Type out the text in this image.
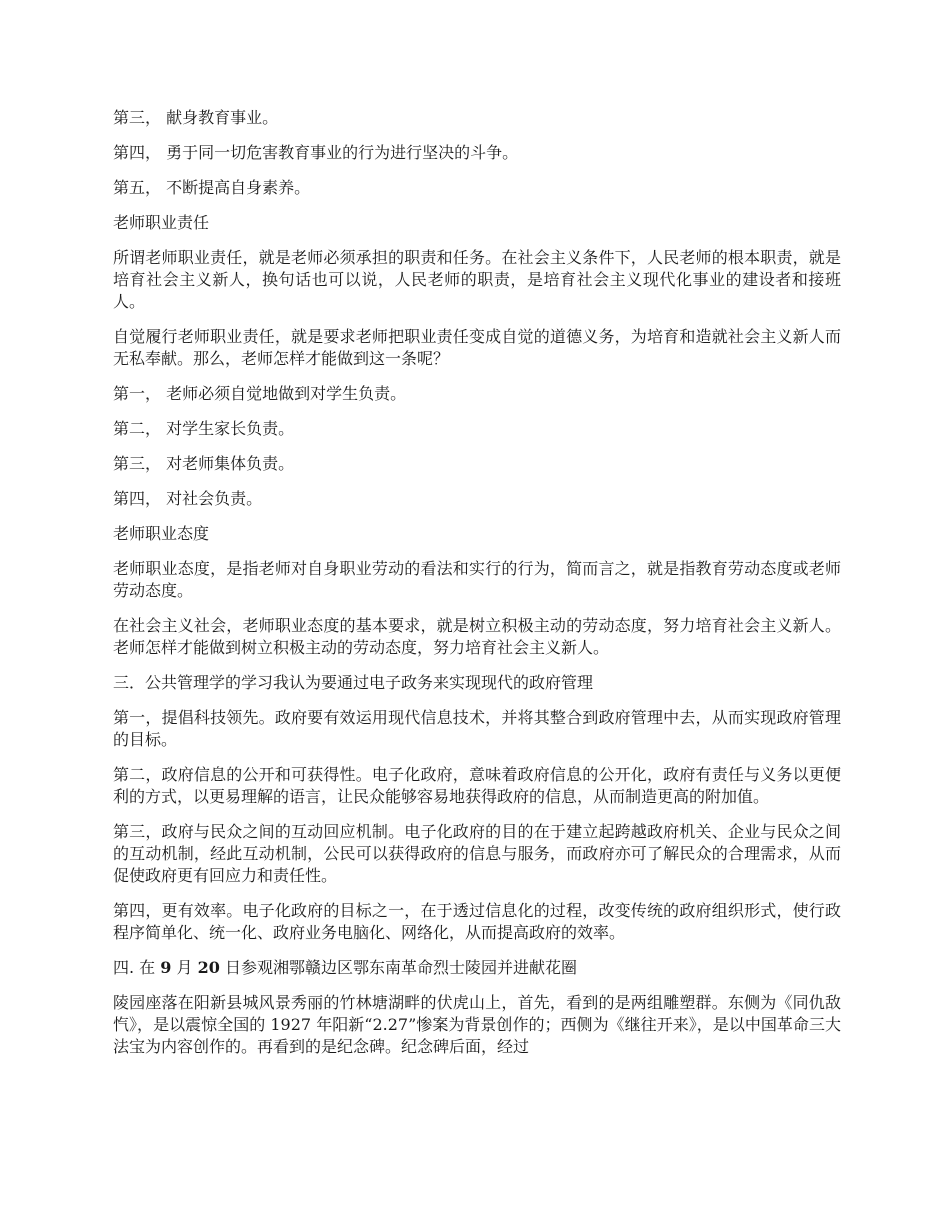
第三， 献身教育事业。

第四， 勇于同一切危害教育事业的行为进行坚决的斗争。

第五， 不断提高自身素养。

老师职业责任

所谓老师职业责任，就是老师必须承担的职责和任务。在社会主义条件下，人民老师的根本职责，就是培育社会主义新人，换句话也可以说，人民老师的职责，是培育社会主义现代化事业的建设者和接班人。

自觉履行老师职业责任，就是要求老师把职业责任变成自觉的道德义务，为培育和造就社会主义新人而无私奉献。那么，老师怎样才能做到这一条呢？

第一， 老师必须自觉地做到对学生负责。

第二， 对学生家长负责。

第三， 对老师集体负责。

第四， 对社会负责。

老师职业态度

老师职业态度，是指老师对自身职业劳动的看法和实行的行为，简而言之，就是指教育劳动态度或老师劳动态度。

在社会主义社会，老师职业态度的基本要求，就是树立积极主动的劳动态度，努力培育社会主义新人。老师怎样才能做到树立积极主动的劳动态度，努力培育社会主义新人。

三．公共管理学的学习我认为要通过电子政务来实现现代的政府管理

第一，提倡科技领先。政府要有效运用现代信息技术，并将其整合到政府管理中去，从而实现政府管理的目标。

第二，政府信息的公开和可获得性。电子化政府，意味着政府信息的公开化，政府有责任与义务以更便利的方式，以更易理解的语言，让民众能够容易地获得政府的信息，从而制造更高的附加值。

第三，政府与民众之间的互动回应机制。电子化政府的目的在于建立起跨越政府机关、企业与民众之间的互动机制，经此互动机制，公民可以获得政府的信息与服务，而政府亦可了解民众的合理需求，从而促使政府更有回应力和责任性。

第四，更有效率。电子化政府的目标之一，在于透过信息化的过程，改变传统的政府组织形式，使行政程序简单化、统一化、政府业务电脑化、网络化，从而提高政府的效率。

四. 在 9 月 20 日参观湘鄂赣边区鄂东南革命烈士陵园并进献花圈

陵园座落在阳新县城风景秀丽的竹林塘湖畔的伏虎山上，首先，看到的是两组雕塑群。东侧为《同仇敌忾》，是以震惊全国的 1927 年阳新“2.27”惨案为背景创作的；西侧为《继往开来》，是以中国革命三大法宝为内容创作的。再看到的是纪念碑。纪念碑后面，经过
